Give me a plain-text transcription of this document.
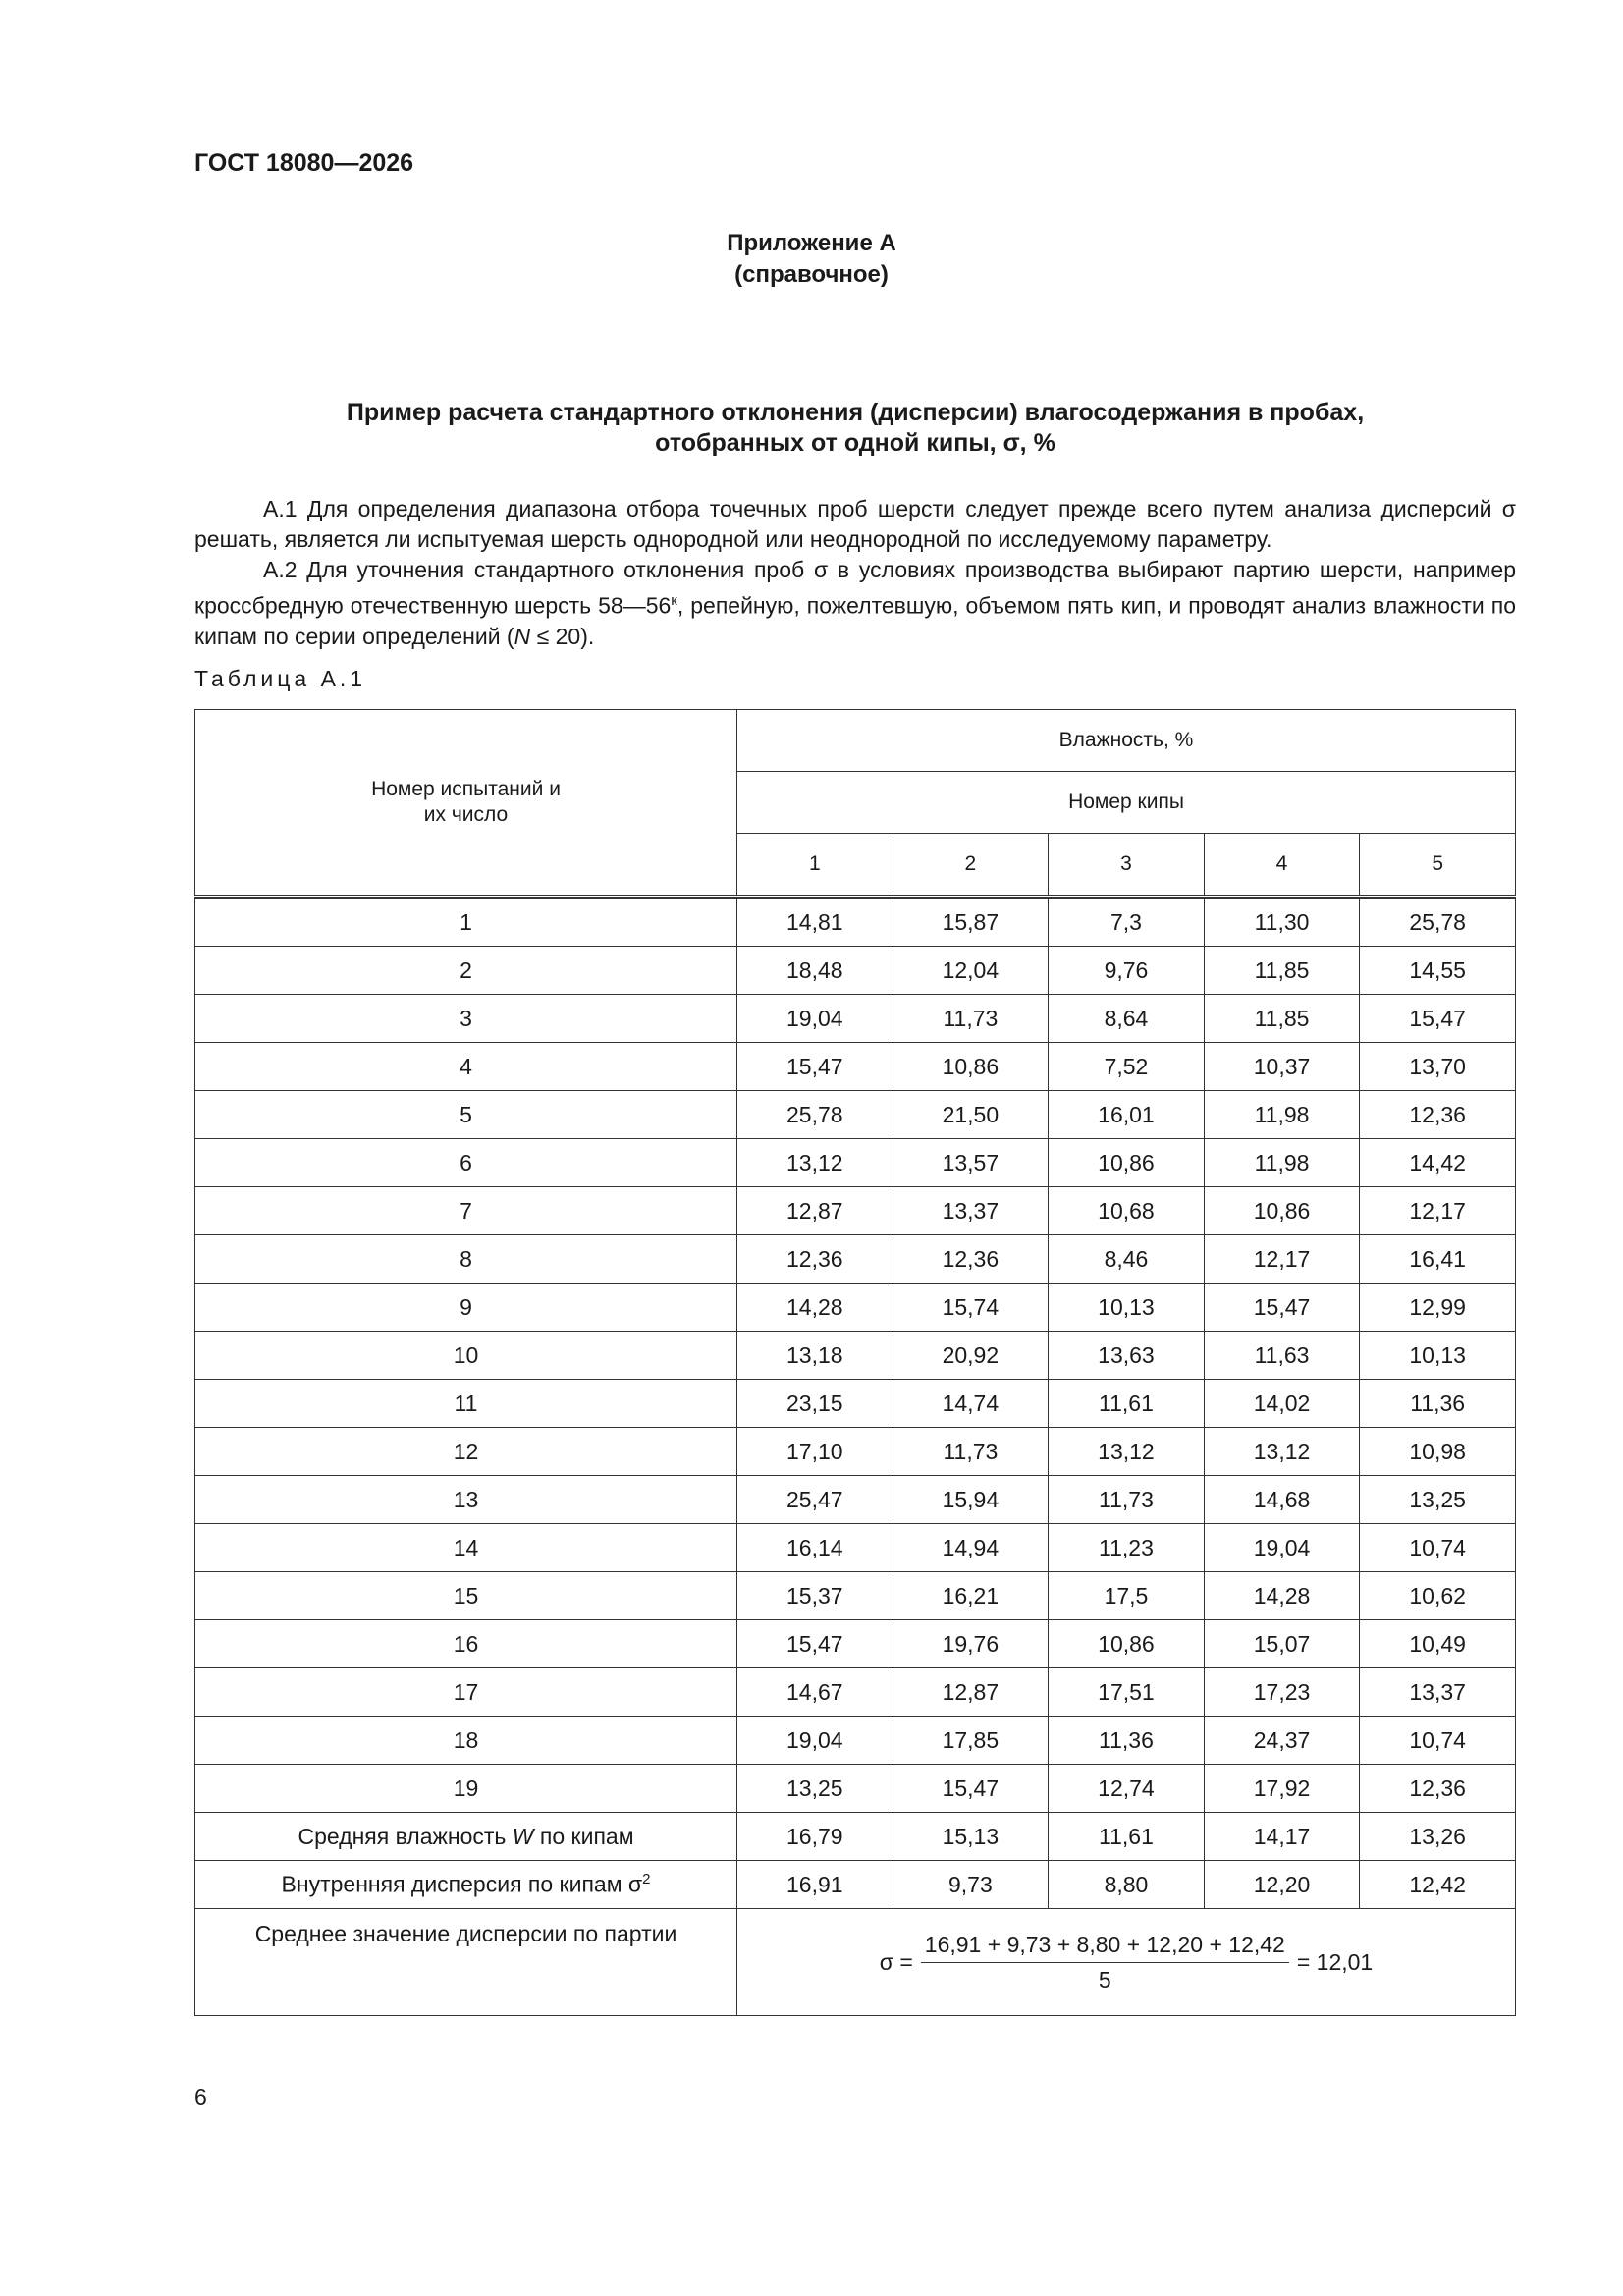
ГОСТ 18080—2026
Приложение А
(справочное)
Пример расчета стандартного отклонения (дисперсии) влагосодержания в пробах,
отобранных от одной кипы, σ, %
А.1 Для определения диапазона отбора точечных проб шерсти следует прежде всего путем анализа дисперсий σ решать, является ли испытуемая шерсть однородной или неоднородной по исследуемому параметру.
А.2 Для уточнения стандартного отклонения проб σ в условиях производства выбирают партию шерсти, например кроссбредную отечественную шерсть $58—56^к$, репейную, пожелтевшую, объемом пять кип, и проводят анализ влажности по кипам по серии определений (N ≤ 20).
Таблица А.1
Номер испытаний и их число	Влажность, %				
	Номер кипы				
	1	2	3	4	5

1	14,81	15,87	7,3	11,30	25,78
2	18,48	12,04	9,76	11,85	14,55
3	19,04	11,73	8,64	11,85	15,47
4	15,47	10,86	7,52	10,37	13,70
5	25,78	21,50	16,01	11,98	12,36
6	13,12	13,57	10,86	11,98	14,42
7	12,87	13,37	10,68	10,86	12,17
8	12,36	12,36	8,46	12,17	16,41
9	14,28	15,74	10,13	15,47	12,99
10	13,18	20,92	13,63	11,63	10,13
11	23,15	14,74	11,61	14,02	11,36
12	17,10	11,73	13,12	13,12	10,98
13	25,47	15,94	11,73	14,68	13,25
14	16,14	14,94	11,23	19,04	10,74
15	15,37	16,21	17,5	14,28	10,62
16	15,47	19,76	10,86	15,07	10,49
17	14,67	12,87	17,51	17,23	13,37
18	19,04	17,85	11,36	24,37	10,74
19	13,25	15,47	12,74	17,92	12,36
Средняя влажность W по кипам	16,79	15,13	11,61	14,17	13,26
Внутренняя дисперсия по кипам $\sigma^2$	16,91	9,73	8,80	12,20	12,42
Среднее значение дисперсии по партии	$\sigma = \frac{16,91 + 9,73 + 8,80 + 12,20 + 12,42}{5} = 12,01$				
6
